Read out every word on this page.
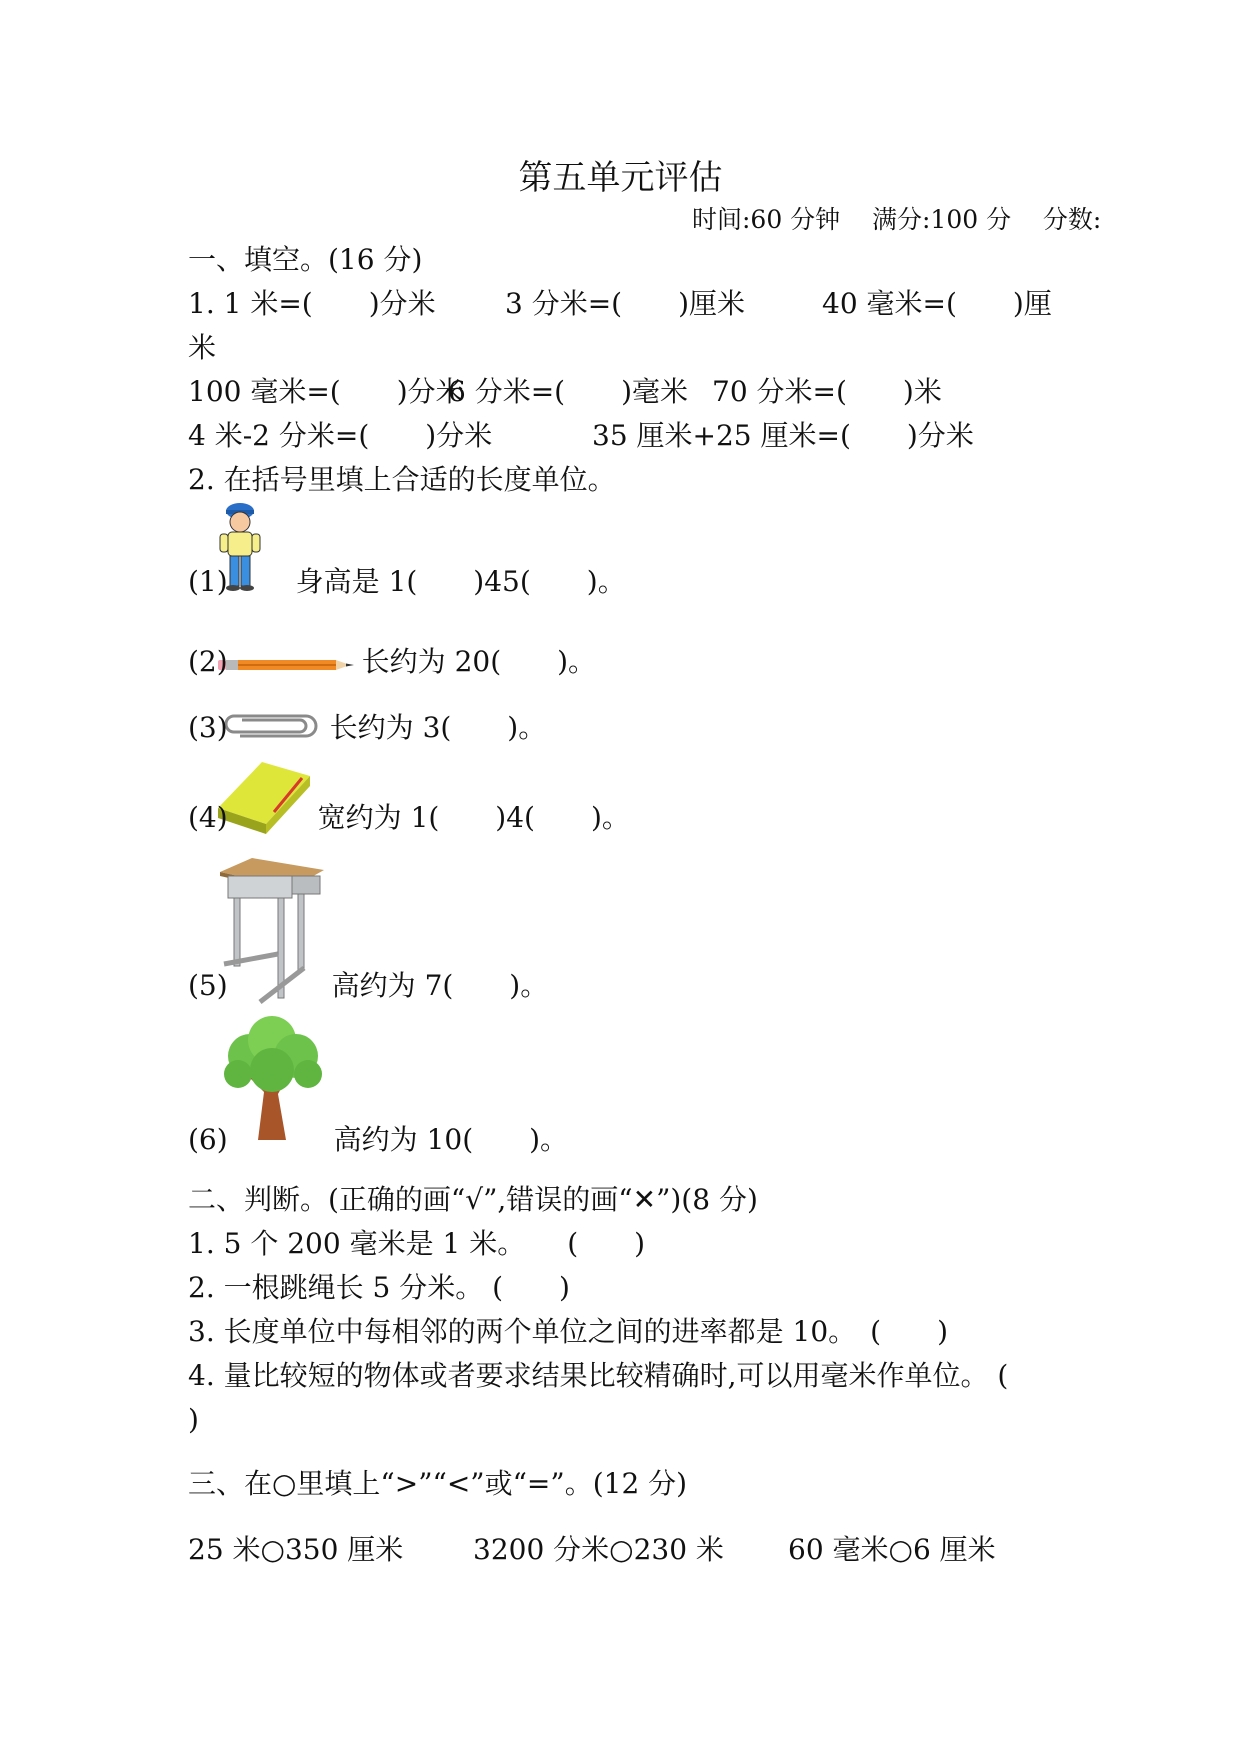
第五单元评估
时间:60 分钟 满分:100 分 分数:
一、填空。(16 分)
1. 1 米=(　　)分米 3 分米=(　　)厘米	40 毫米=(　　)厘
米
100 毫米=(　　)分米
6 分米=(　　)毫米 70 分米=(　　)米
4 米-2 分米=(　　)分米	35 厘米+25 厘米=(　　)分米
2. 在括号里填上合适的长度单位。
(1) 身高是 1(　　)45(　　)。
(2)	长约为 20(　　)。
(3)	长约为 3(　　)。
(4)	宽约为 1(　　)4(　　)。
(5)	高约为 7(　　)。
(6)	高约为 10(　　)。
二、判断。(正确的画“√”,错误的画“✕”)(8 分)
1. 5 个 200 毫米是 1 米。　　(　　)
2. 一根跳绳长 5 分米。 (　　)
3. 长度单位中每相邻的两个单位之间的进率都是 10。　(　　)
4. 量比较短的物体或者要求结果比较精确时,可以用毫米作单位。 (
)
三、在○里填上“>”“<”或“=”。(12 分)
25 米○350 厘米 3200 分米○230 米 60 毫米○6 厘米
